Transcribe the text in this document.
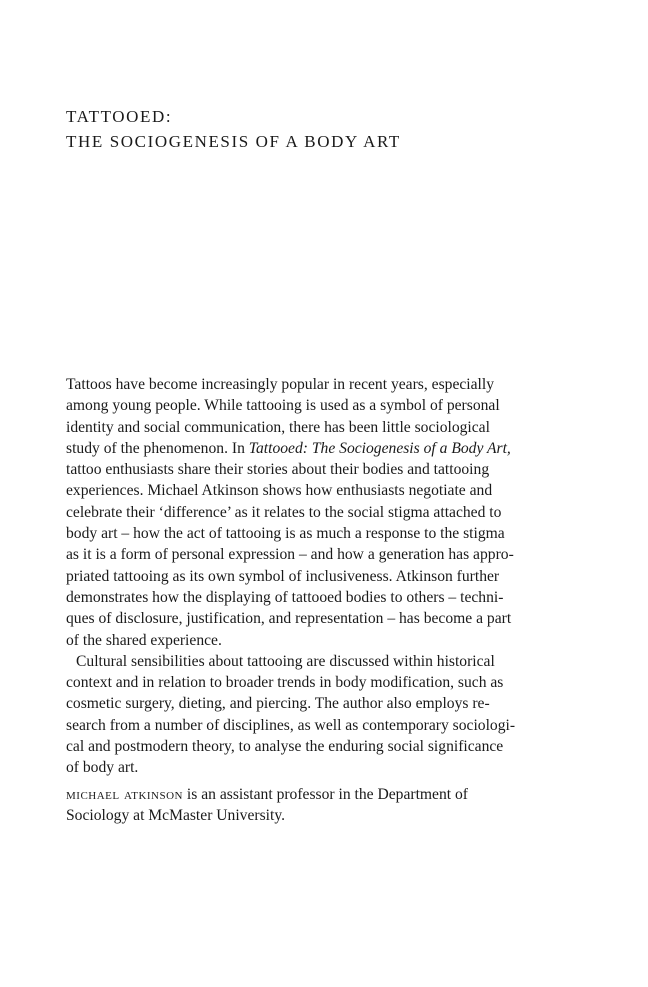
TATTOOED:
THE SOCIOGENESIS OF A BODY ART
Tattoos have become increasingly popular in recent years, especially
among young people. While tattooing is used as a symbol of personal
identity and social communication, there has been little sociological
study of the phenomenon. In Tattooed: The Sociogenesis of a Body Art,
tattoo enthusiasts share their stories about their bodies and tattooing
experiences. Michael Atkinson shows how enthusiasts negotiate and
celebrate their ‘difference’ as it relates to the social stigma attached to
body art – how the act of tattooing is as much a response to the stigma
as it is a form of personal expression – and how a generation has appro-
priated tattooing as its own symbol of inclusiveness. Atkinson further
demonstrates how the displaying of tattooed bodies to others – techni-
ques of disclosure, justification, and representation – has become a part
of the shared experience.
Cultural sensibilities about tattooing are discussed within historical
context and in relation to broader trends in body modification, such as
cosmetic surgery, dieting, and piercing. The author also employs re-
search from a number of disciplines, as well as contemporary sociologi-
cal and postmodern theory, to analyse the enduring social significance
of body art.
michael atkinson is an assistant professor in the Department of
Sociology at McMaster University.
